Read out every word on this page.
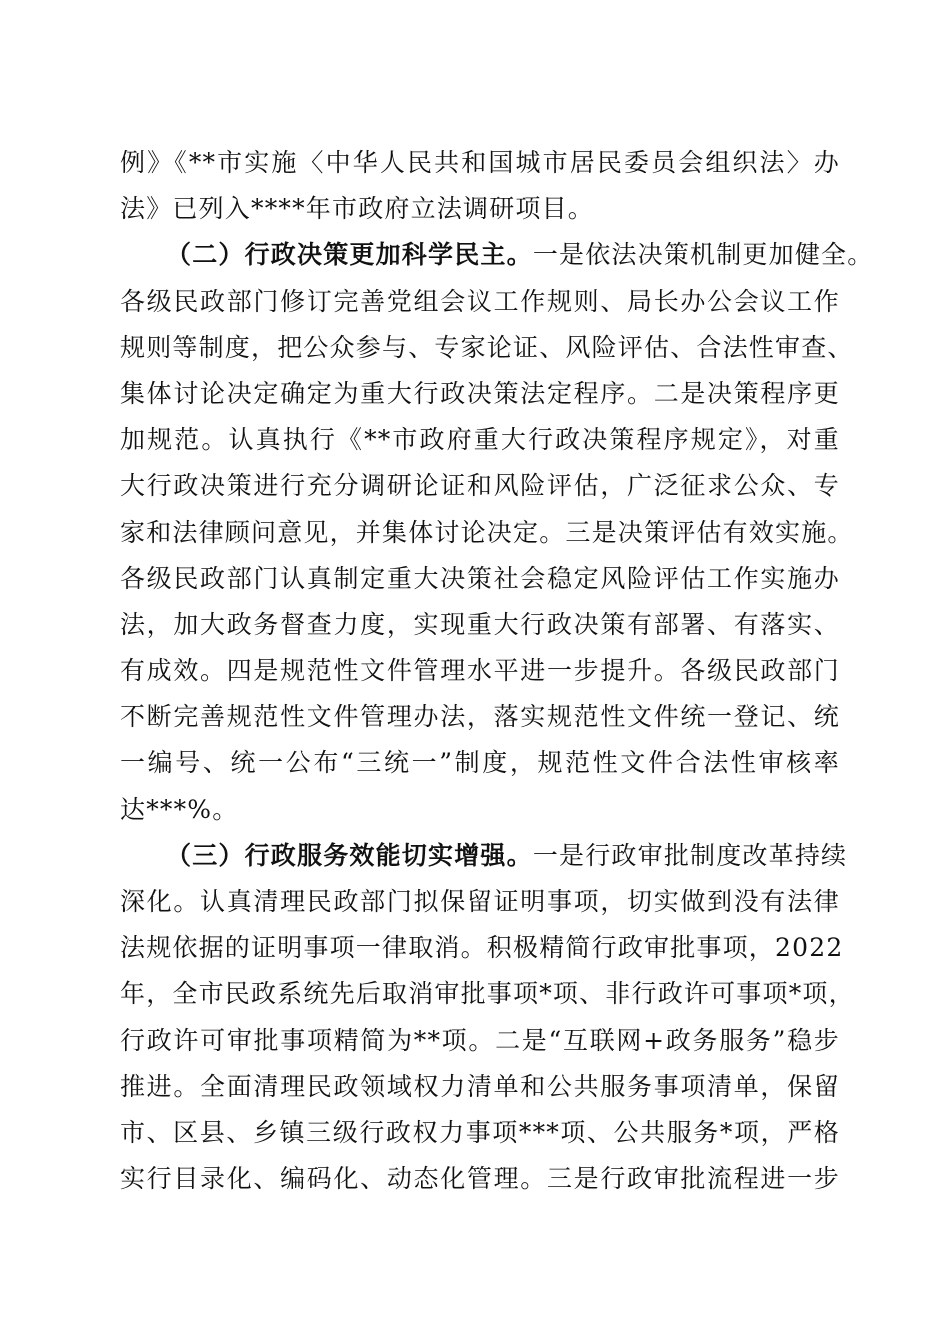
例》《**市实施〈中华人民共和国城市居民委员会组织法〉办
法》已列入****年市政府立法调研项目。
（二）行政决策更加科学民主。一是依法决策机制更加健全。
各级民政部门修订完善党组会议工作规则、局长办公会议工作
规则等制度，把公众参与、专家论证、风险评估、合法性审查、
集体讨论决定确定为重大行政决策法定程序。二是决策程序更
加规范。认真执行《**市政府重大行政决策程序规定》，对重
大行政决策进行充分调研论证和风险评估，广泛征求公众、专
家和法律顾问意见，并集体讨论决定。三是决策评估有效实施。
各级民政部门认真制定重大决策社会稳定风险评估工作实施办
法，加大政务督查力度，实现重大行政决策有部署、有落实、
有成效。四是规范性文件管理水平进一步提升。各级民政部门
不断完善规范性文件管理办法，落实规范性文件统一登记、统
一编号、统一公布“三统一”制度，规范性文件合法性审核率
达***%。
（三）行政服务效能切实增强。一是行政审批制度改革持续
深化。认真清理民政部门拟保留证明事项，切实做到没有法律
法规依据的证明事项一律取消。积极精简行政审批事项，2022
年，全市民政系统先后取消审批事项*项、非行政许可事项*项，
行政许可审批事项精简为**项。二是“互联网+政务服务”稳步
推进。全面清理民政领域权力清单和公共服务事项清单，保留
市、区县、乡镇三级行政权力事项***项、公共服务*项，严格
实行目录化、编码化、动态化管理。三是行政审批流程进一步
